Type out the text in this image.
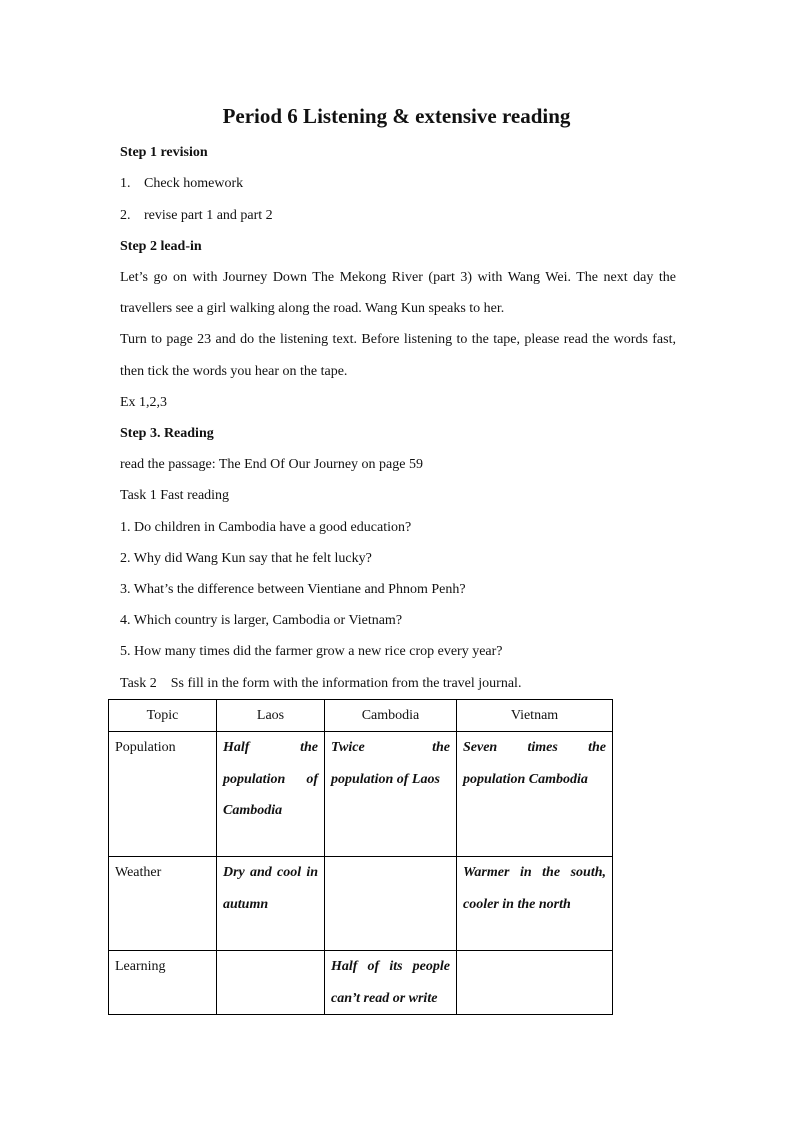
Period 6 Listening & extensive reading

Step 1 revision

1. Check homework

2. revise part 1 and part 2

Step 2 lead-in

Let’s go on with Journey Down The Mekong River (part 3) with Wang Wei. The next day the

travellers see a girl walking along the road. Wang Kun speaks to her.

Turn to page 23 and do the listening text. Before listening to the tape, please read the words fast,

then tick the words you hear on the tape.

Ex 1,2,3

Step 3. Reading

read the passage: The End Of Our Journey on page 59

Task 1 Fast reading

1. Do children in Cambodia have a good education?

2. Why did Wang Kun say that he felt lucky?

3. What’s the difference between Vientiane and Phnom Penh?

4. Which country is larger, Cambodia or Vietnam?

5. How many times did the farmer grow a new rice crop every year?

Task 2    Ss fill in the form with the information from the travel journal.

Topic	Laos	Cambodia	Vietnam
Population	Half the population of Cambodia	Twice the population of Laos	Seven times the population Cambodia
Weather	Dry and cool in autumn		Warmer in the south, cooler in the north
Learning		Half of its people can’t read or write	
